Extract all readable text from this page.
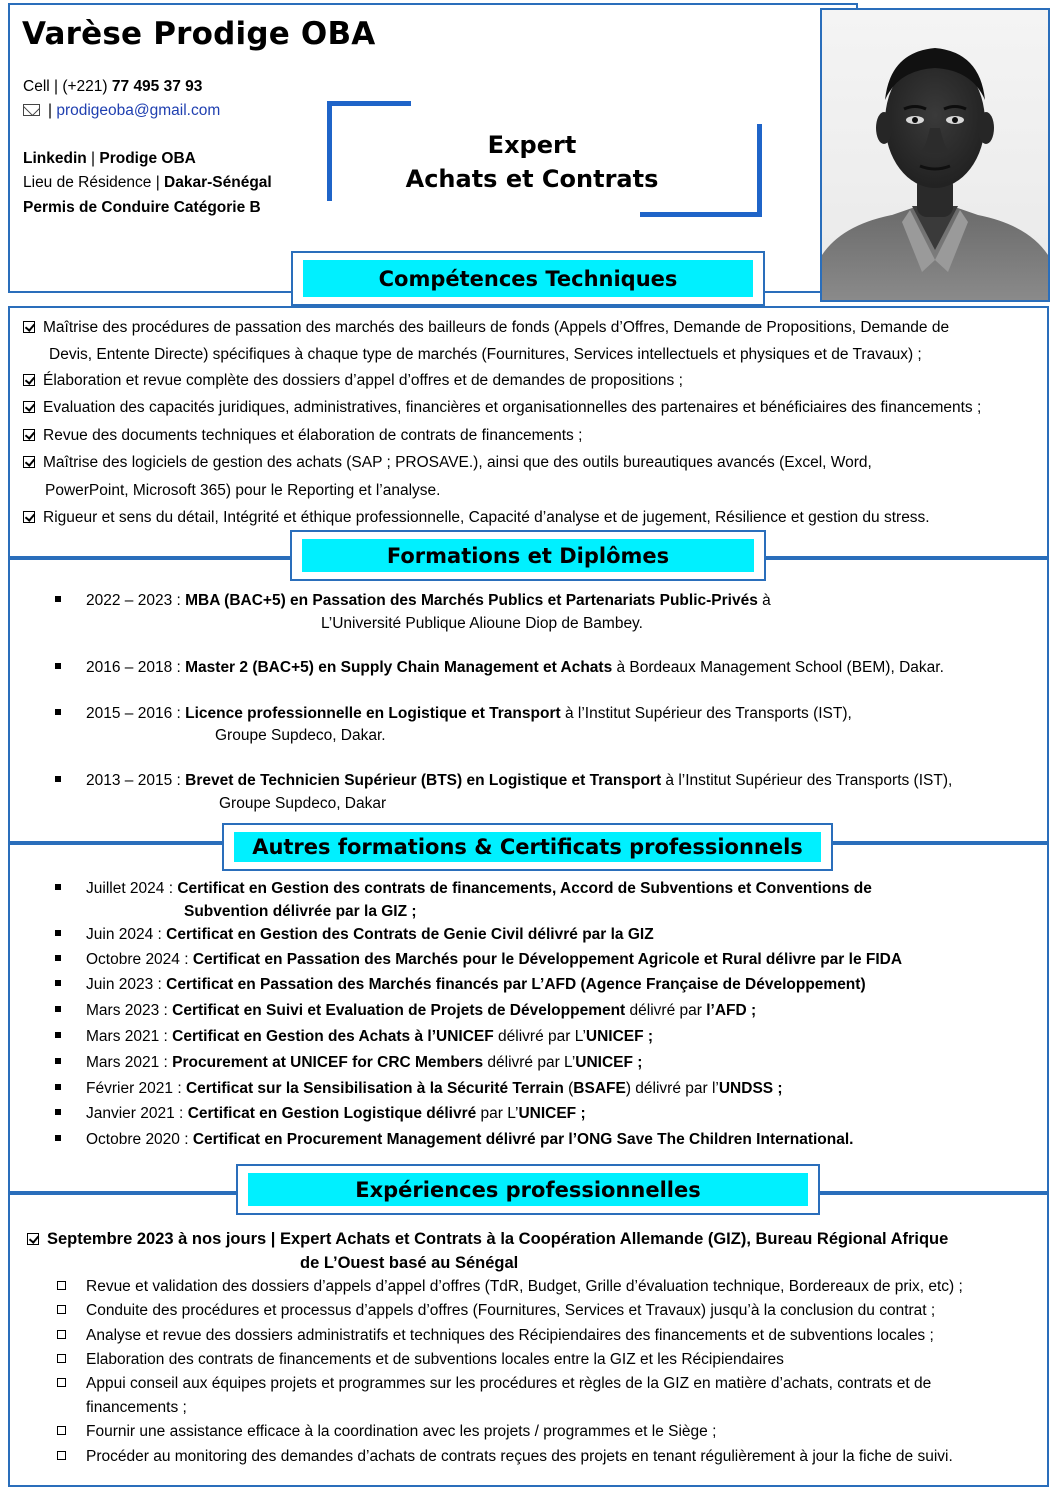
Varèse Prodige OBA
Cell | (+221) 77 495 37 93
| prodigeoba@gmail.com
Linkedin | Prodige OBA
Lieu de Résidence | Dakar-Sénégal
Permis de Conduire Catégorie B
Expert
Achats et Contrats
Compétences Techniques
Maîtrise des procédures de passation des marchés des bailleurs de fonds (Appels d’Offres, Demande de Propositions, Demande de
Devis, Entente Directe) spécifiques à chaque type de marchés (Fournitures, Services intellectuels et physiques et de Travaux) ;
Élaboration et revue complète des dossiers d’appel d’offres et de demandes de propositions ;
Evaluation des capacités juridiques, administratives, financières et organisationnelles des partenaires et bénéficiaires des financements ;
Revue des documents techniques et élaboration de contrats de financements ;
Maîtrise des logiciels de gestion des achats (SAP ; PROSAVE.), ainsi que des outils bureautiques avancés (Excel, Word,
PowerPoint, Microsoft 365) pour le Reporting et l’analyse.
Rigueur et sens du détail, Intégrité et éthique professionnelle, Capacité d’analyse et de jugement, Résilience et gestion du stress.
Formations et Diplômes
2022 – 2023 : MBA (BAC+5) en Passation des Marchés Publics et Partenariats Public-Privés à
L’Université Publique Alioune Diop de Bambey.
2016 – 2018 : Master 2 (BAC+5) en Supply Chain Management et Achats à Bordeaux Management School (BEM), Dakar.
2015 – 2016 : Licence professionnelle en Logistique et Transport à l’Institut Supérieur des Transports (IST),
Groupe Supdeco, Dakar.
2013 – 2015 : Brevet de Technicien Supérieur (BTS) en Logistique et Transport à l’Institut Supérieur des Transports (IST),
Groupe Supdeco, Dakar
Autres formations & Certificats professionnels
Juillet 2024 : Certificat en Gestion des contrats de financements, Accord de Subventions et Conventions de
Subvention délivrée par la GIZ ;
Juin 2024 : Certificat en Gestion des Contrats de Genie Civil délivré par la GIZ
Octobre 2024 : Certificat en Passation des Marchés pour le Développement Agricole et Rural délivre par le FIDA
Juin 2023 : Certificat en Passation des Marchés financés par L’AFD (Agence Française de Développement)
Mars 2023 : Certificat en Suivi et Evaluation de Projets de Développement délivré par l’AFD ;
Mars 2021 : Certificat en Gestion des Achats à l’UNICEF délivré par L’UNICEF ;
Mars 2021 : Procurement at UNICEF for CRC Members délivré par L’UNICEF ;
Février 2021 : Certificat sur la Sensibilisation à la Sécurité Terrain (BSAFE) délivré par l’UNDSS ;
Janvier 2021 : Certificat en Gestion Logistique délivré par L’UNICEF ;
Octobre 2020 : Certificat en Procurement Management délivré par l’ONG Save The Children International.
Expériences professionnelles
Septembre 2023 à nos jours | Expert Achats et Contrats à la Coopération Allemande (GIZ), Bureau Régional Afrique
de L’Ouest basé au Sénégal
Revue et validation des dossiers d’appels d’appel d’offres (TdR, Budget, Grille d’évaluation technique, Bordereaux de prix, etc) ;
Conduite des procédures et processus d’appels d’offres (Fournitures, Services et Travaux) jusqu’à la conclusion du contrat ;
Analyse et revue des dossiers administratifs et techniques des Récipiendaires des financements et de subventions locales ;
Elaboration des contrats de financements et de subventions locales entre la GIZ et les Récipiendaires
Appui conseil aux équipes projets et programmes sur les procédures et règles de la GIZ en matière d’achats, contrats et de
financements ;
Fournir une assistance efficace à la coordination avec les projets / programmes et le Siège ;
Procéder au monitoring des demandes d’achats de contrats reçues des projets en tenant régulièrement à jour la fiche de suivi.
